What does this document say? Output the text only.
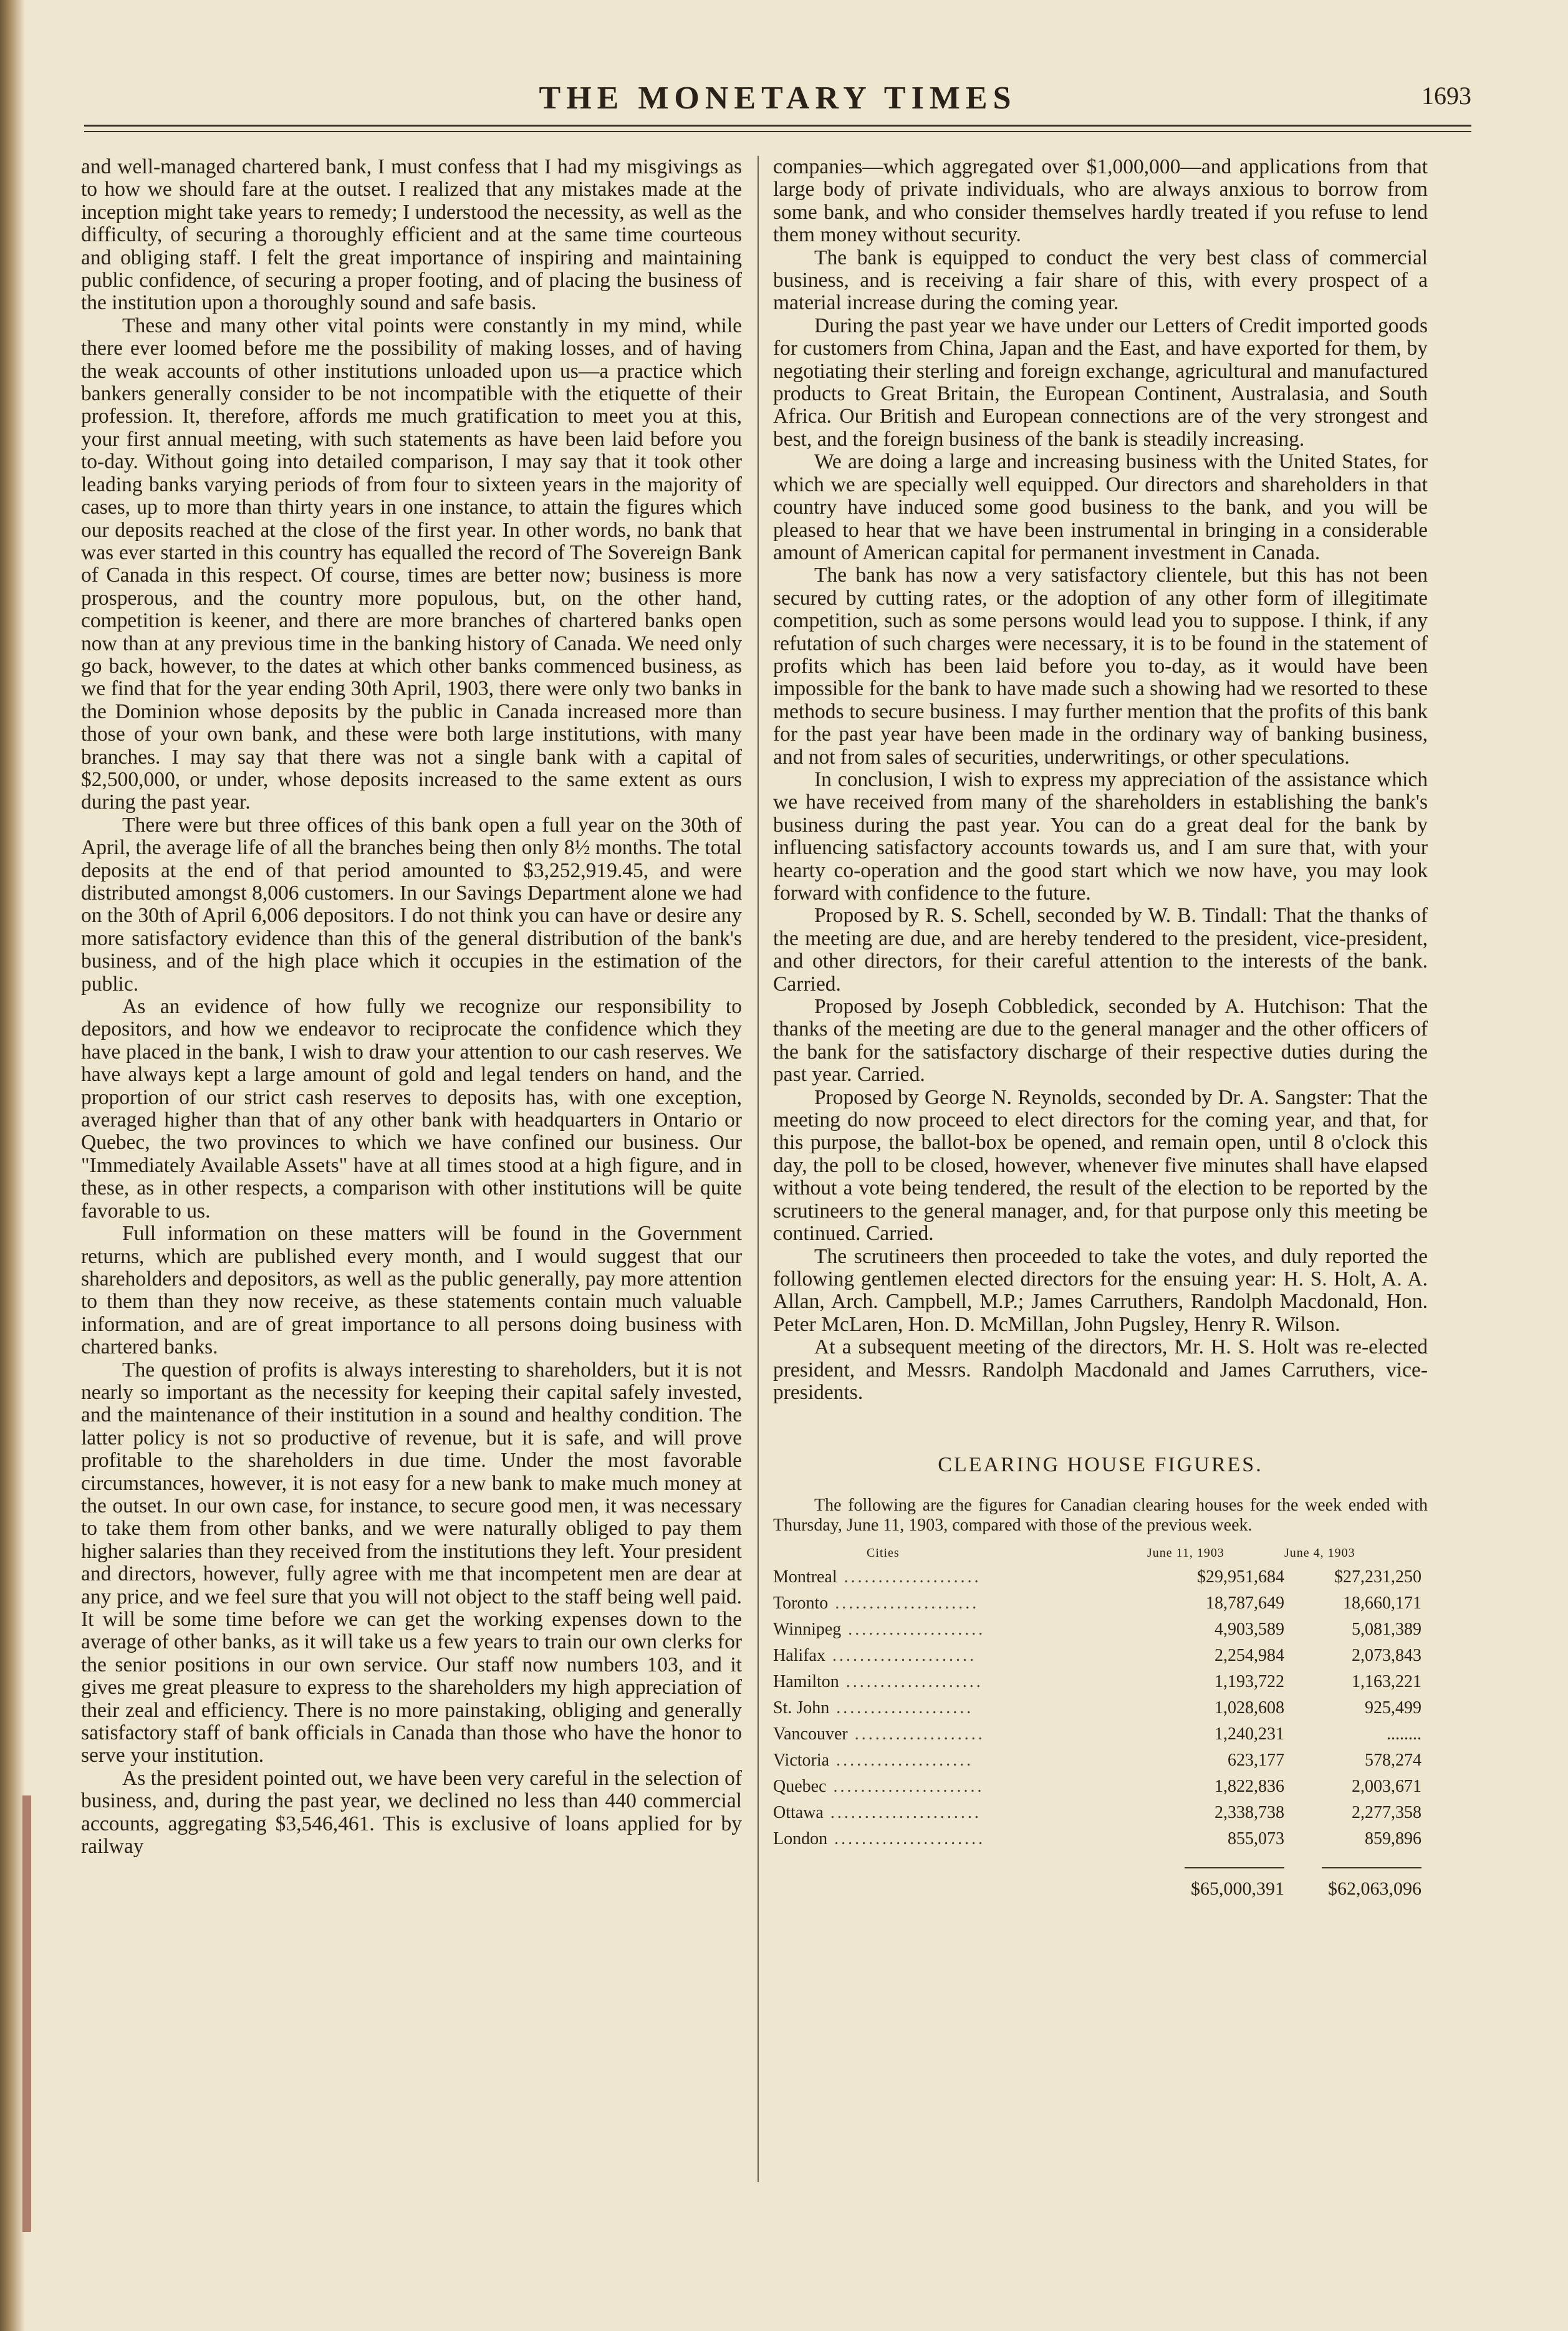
THE MONETARY TIMES	1693

and well-managed chartered bank, I must confess that I had my misgivings as to how we should fare at the outset. I realized that any mistakes made at the inception might take years to remedy; I understood the necessity, as well as the difficulty, of securing a thoroughly efficient and at the same time courteous and obliging staff. I felt the great importance of inspiring and maintaining public confidence, of securing a proper footing, and of placing the business of the institution upon a thoroughly sound and safe basis.

These and many other vital points were constantly in my mind, while there ever loomed before me the possibility of making losses, and of having the weak accounts of other institutions unloaded upon us—a practice which bankers generally consider to be not incompatible with the etiquette of their profession. It, therefore, affords me much gratification to meet you at this, your first annual meeting, with such statements as have been laid before you to-day. Without going into detailed comparison, I may say that it took other leading banks varying periods of from four to sixteen years in the majority of cases, up to more than thirty years in one instance, to attain the figures which our deposits reached at the close of the first year. In other words, no bank that was ever started in this country has equalled the record of The Sovereign Bank of Canada in this respect. Of course, times are better now; business is more prosperous, and the country more populous, but, on the other hand, competition is keener, and there are more branches of chartered banks open now than at any previous time in the banking history of Canada. We need only go back, however, to the dates at which other banks commenced business, as we find that for the year ending 30th April, 1903, there were only two banks in the Dominion whose deposits by the public in Canada increased more than those of your own bank, and these were both large institutions, with many branches. I may say that there was not a single bank with a capital of $2,500,000, or under, whose deposits increased to the same extent as ours during the past year.

There were but three offices of this bank open a full year on the 30th of April, the average life of all the branches being then only 8½ months. The total deposits at the end of that period amounted to $3,252,919.45, and were distributed amongst 8,006 customers. In our Savings Department alone we had on the 30th of April 6,006 depositors. I do not think you can have or desire any more satisfactory evidence than this of the general distribution of the bank's business, and of the high place which it occupies in the estimation of the public.

As an evidence of how fully we recognize our responsibility to depositors, and how we endeavor to reciprocate the confidence which they have placed in the bank, I wish to draw your attention to our cash reserves. We have always kept a large amount of gold and legal tenders on hand, and the proportion of our strict cash reserves to deposits has, with one exception, averaged higher than that of any other bank with headquarters in Ontario or Quebec, the two provinces to which we have confined our business. Our "Immediately Available Assets" have at all times stood at a high figure, and in these, as in other respects, a comparison with other institutions will be quite favorable to us.

Full information on these matters will be found in the Government returns, which are published every month, and I would suggest that our shareholders and depositors, as well as the public generally, pay more attention to them than they now receive, as these statements contain much valuable information, and are of great importance to all persons doing business with chartered banks.

The question of profits is always interesting to shareholders, but it is not nearly so important as the necessity for keeping their capital safely invested, and the maintenance of their institution in a sound and healthy condition. The latter policy is not so productive of revenue, but it is safe, and will prove profitable to the shareholders in due time. Under the most favorable circumstances, however, it is not easy for a new bank to make much money at the outset. In our own case, for instance, to secure good men, it was necessary to take them from other banks, and we were naturally obliged to pay them higher salaries than they received from the institutions they left. Your president and directors, however, fully agree with me that incompetent men are dear at any price, and we feel sure that you will not object to the staff being well paid. It will be some time before we can get the working expenses down to the average of other banks, as it will take us a few years to train our own clerks for the senior positions in our own service. Our staff now numbers 103, and it gives me great pleasure to express to the shareholders my high appreciation of their zeal and efficiency. There is no more painstaking, obliging and generally satisfactory staff of bank officials in Canada than those who have the honor to serve your institution.

As the president pointed out, we have been very careful in the selection of business, and, during the past year, we declined no less than 440 commercial accounts, aggregating $3,546,461. This is exclusive of loans applied for by railway

companies—which aggregated over $1,000,000—and applications from that large body of private individuals, who are always anxious to borrow from some bank, and who consider themselves hardly treated if you refuse to lend them money without security.

The bank is equipped to conduct the very best class of commercial business, and is receiving a fair share of this, with every prospect of a material increase during the coming year.

During the past year we have under our Letters of Credit imported goods for customers from China, Japan and the East, and have exported for them, by negotiating their sterling and foreign exchange, agricultural and manufactured products to Great Britain, the European Continent, Australasia, and South Africa. Our British and European connections are of the very strongest and best, and the foreign business of the bank is steadily increasing.

We are doing a large and increasing business with the United States, for which we are specially well equipped. Our directors and shareholders in that country have induced some good business to the bank, and you will be pleased to hear that we have been instrumental in bringing in a considerable amount of American capital for permanent investment in Canada.

The bank has now a very satisfactory clientele, but this has not been secured by cutting rates, or the adoption of any other form of illegitimate competition, such as some persons would lead you to suppose. I think, if any refutation of such charges were necessary, it is to be found in the statement of profits which has been laid before you to-day, as it would have been impossible for the bank to have made such a showing had we resorted to these methods to secure business. I may further mention that the profits of this bank for the past year have been made in the ordinary way of banking business, and not from sales of securities, underwritings, or other speculations.

In conclusion, I wish to express my appreciation of the assistance which we have received from many of the shareholders in establishing the bank's business during the past year. You can do a great deal for the bank by influencing satisfactory accounts towards us, and I am sure that, with your hearty co-operation and the good start which we now have, you may look forward with confidence to the future.

Proposed by R. S. Schell, seconded by W. B. Tindall: That the thanks of the meeting are due, and are hereby tendered to the president, vice-president, and other directors, for their careful attention to the interests of the bank. Carried.

Proposed by Joseph Cobbledick, seconded by A. Hutchison: That the thanks of the meeting are due to the general manager and the other officers of the bank for the satisfactory discharge of their respective duties during the past year. Carried.

Proposed by George N. Reynolds, seconded by Dr. A. Sangster: That the meeting do now proceed to elect directors for the coming year, and that, for this purpose, the ballot-box be opened, and remain open, until 8 o'clock this day, the poll to be closed, however, whenever five minutes shall have elapsed without a vote being tendered, the result of the election to be reported by the scrutineers to the general manager, and, for that purpose only this meeting be continued. Carried.

The scrutineers then proceeded to take the votes, and duly reported the following gentlemen elected directors for the ensuing year: H. S. Holt, A. A. Allan, Arch. Campbell, M.P.; James Carruthers, Randolph Macdonald, Hon. Peter McLaren, Hon. D. McMillan, John Pugsley, Henry R. Wilson.

At a subsequent meeting of the directors, Mr. H. S. Holt was re-elected president, and Messrs. Randolph Macdonald and James Carruthers, vice-presidents.

CLEARING HOUSE FIGURES.
The following are the figures for Canadian clearing houses for the week ended with Thursday, June 11, 1903, compared with those of the previous week.
Cities	June 11, 1903	June 4, 1903
Montreal ....................	$29,951,684	$27,231,250
Toronto .....................	18,787,649	18,660,171
Winnipeg ....................	4,903,589	5,081,389
Halifax .....................	2,254,984	2,073,843
Hamilton ....................	1,193,722	1,163,221
St. John ....................	1,028,608	925,499
Vancouver ...................	1,240,231	........
Victoria ....................	623,177	578,274
Quebec ......................	1,822,836	2,003,671
Ottawa ......................	2,338,738	2,277,358
London ......................	855,073	859,896

	$65,000,391	$62,063,096
